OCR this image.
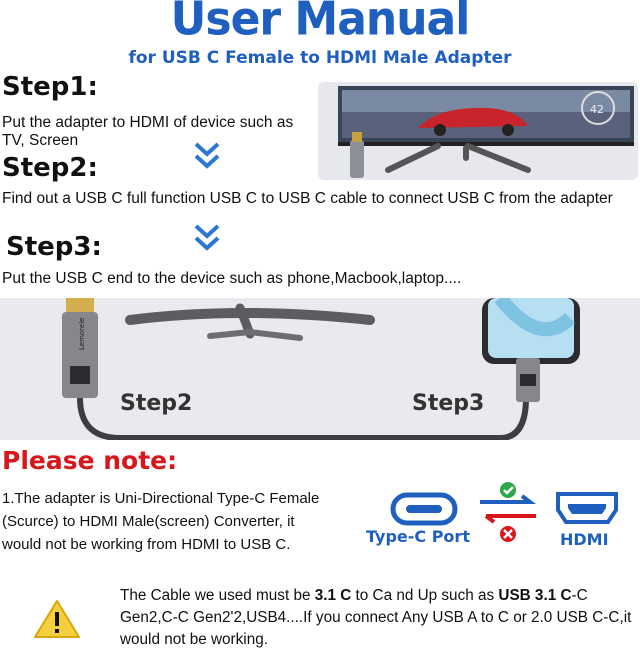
User Manual
for USB C Female to HDMl Male Adapter
Step1:
Put the adapter to HDMI of device such as TV, Screen
42
Step2:
Find out a USB C full function USB C to USB C cable to connect USB C from the adapter
Step3:
Put the USB C end to the device such as phone,Macbook,laptop....
Lemorele
Step2	Step3
Please note:
1.The adapter is Uni-Directional Type-C Female (Scurce) to HDMI Male(screen) Converter, it would not be working from HDMI to USB C.	Type-C Port	HDMI
The Cable we used must be 3.1 C to Ca nd Up such as USB 3.1 C-C Gen2,C-C Gen2'2,USB4....If you connect Any USB A to C or 2.0 USB C-C,it would not be working.
